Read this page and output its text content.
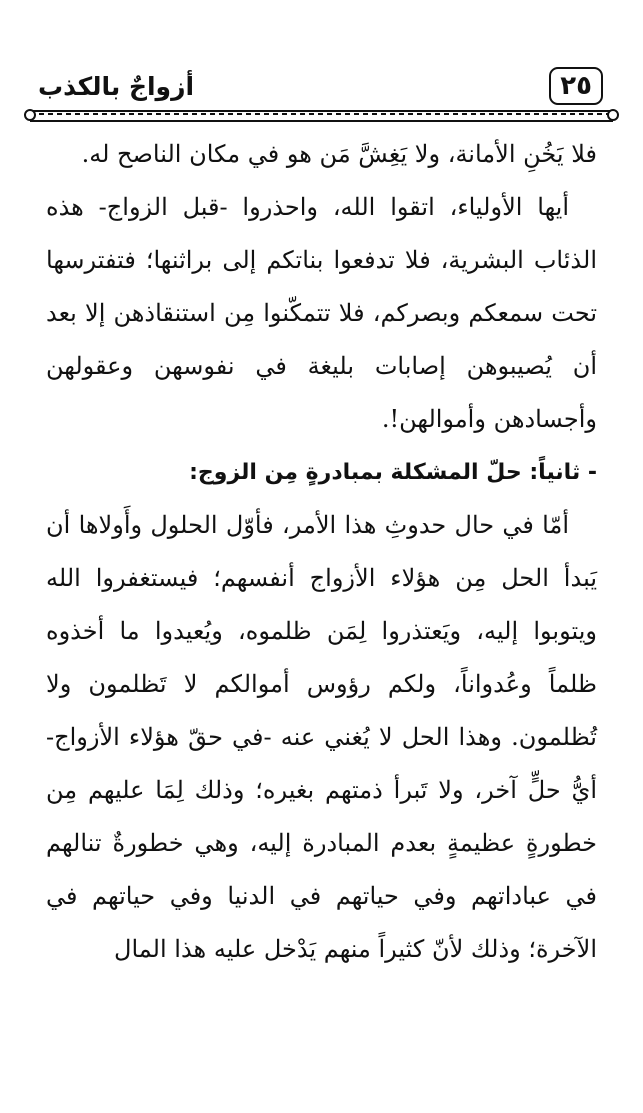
٢٥
أزواجٌ بالكذب

فلا يَخُنِ الأمانة، ولا يَغِشَّ مَن هو في مكان الناصح له.

أيها الأولياء، اتقوا الله، واحذروا -قبل الزواج- هذه الذئاب البشرية، فلا تدفعوا بناتكم إلى براثنها؛ فتفترسها تحت سمعكم وبصركم، فلا تتمكّنوا مِن استنقاذهن إلا بعد أن يُصيبوهن إصابات بليغة في نفوسهن وعقولهن وأجسادهن وأموالهن!.

- ثانياً: حلّ المشكلة بمبادرةٍ مِن الزوج:

أمّا في حال حدوثِ هذا الأمر، فأوّل الحلول وأَولاها أن يَبدأ الحل مِن هؤلاء الأزواج أنفسهم؛ فيستغفروا الله ويتوبوا إليه، ويَعتذروا لِمَن ظلموه، ويُعيدوا ما أخذوه ظلماً وعُدواناً، ولكم رؤوس أموالكم لا تَظلمون ولا تُظلمون. وهذا الحل لا يُغني عنه -في حقّ هؤلاء الأزواج- أيُّ حلٍّ آخر، ولا تَبرأ ذمتهم بغيره؛ وذلك لِمَا عليهم مِن خطورةٍ عظيمةٍ بعدم المبادرة إليه، وهي خطورةٌ تنالهم في عباداتهم وفي حياتهم في الدنيا وفي حياتهم في الآخرة؛ وذلك لأنّ كثيراً منهم يَدْخل عليه هذا المال
